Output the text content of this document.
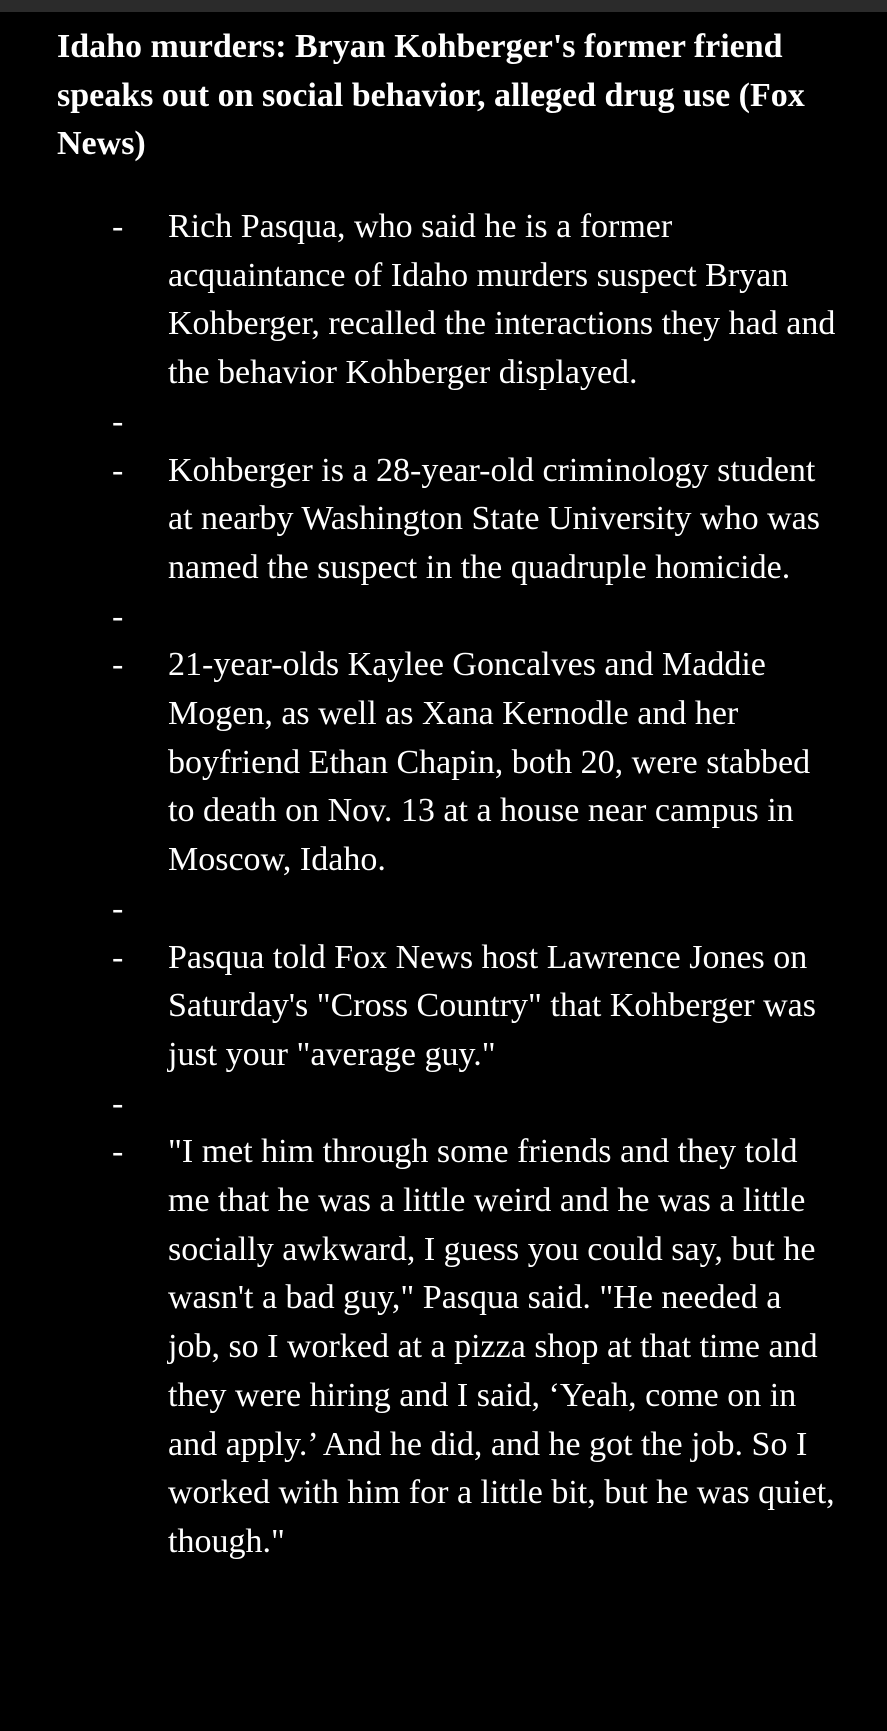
Idaho murders: Bryan Kohberger's former friend speaks out on social behavior, alleged drug use (Fox News)
- Rich Pasqua, who said he is a former acquaintance of Idaho murders suspect Bryan Kohberger, recalled the interactions they had and the behavior Kohberger displayed.
-
- Kohberger is a 28-year-old criminology student at nearby Washington State University who was named the suspect in the quadruple homicide.
-
- 21-year-olds Kaylee Goncalves and Maddie Mogen, as well as Xana Kernodle and her boyfriend Ethan Chapin, both 20, were stabbed to death on Nov. 13 at a house near campus in Moscow, Idaho.
-
- Pasqua told Fox News host Lawrence Jones on Saturday's "Cross Country" that Kohberger was just your "average guy."
-
- "I met him through some friends and they told me that he was a little weird and he was a little socially awkward, I guess you could say, but he wasn't a bad guy," Pasqua said. "He needed a job, so I worked at a pizza shop at that time and they were hiring and I said, ‘Yeah, come on in and apply.’ And he did, and he got the job. So I worked with him for a little bit, but he was quiet, though."
